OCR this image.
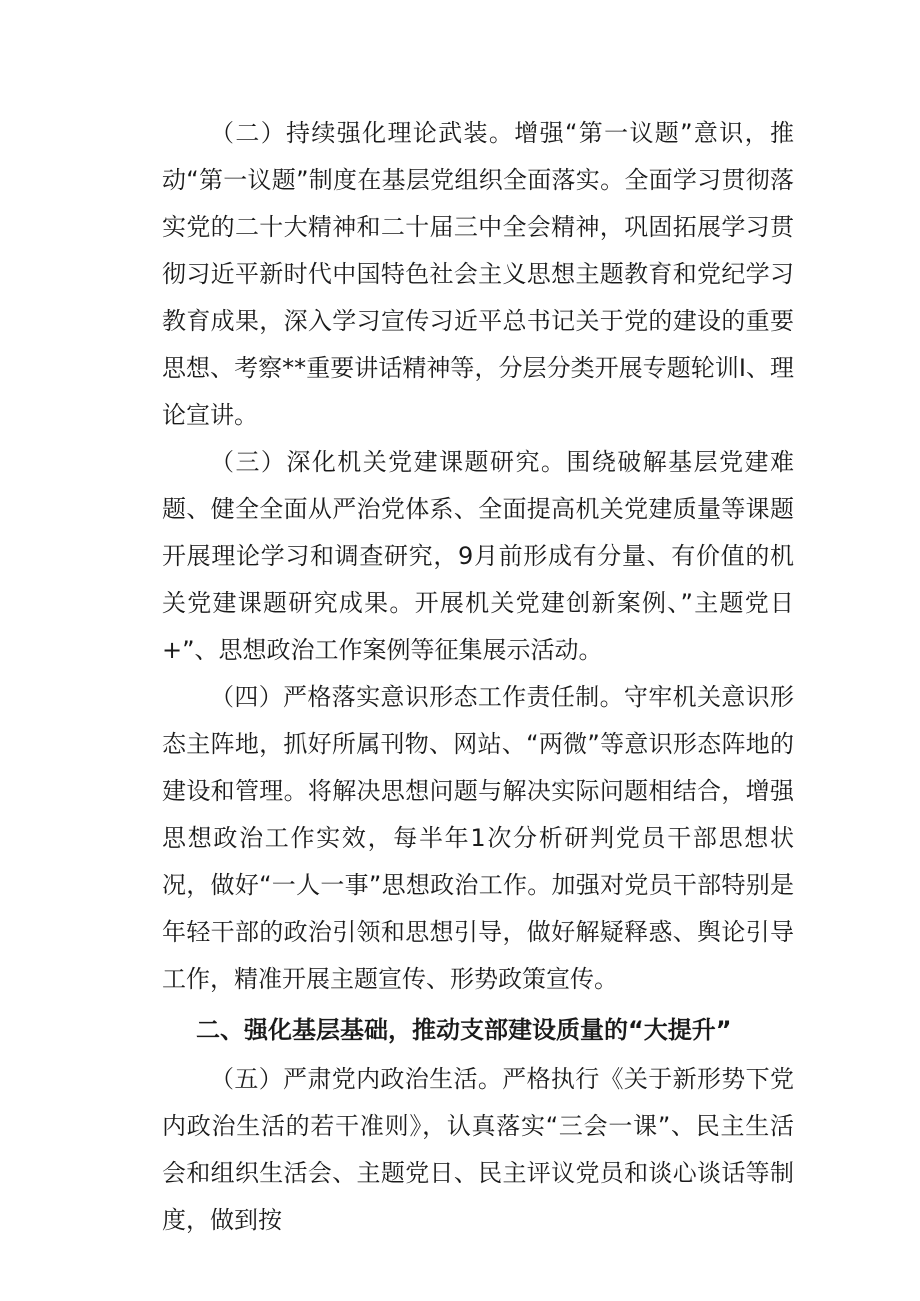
（二）持续强化理论武装。增强“第一议题”意识，推动“第一议题”制度在基层党组织全面落实。全面学习贯彻落实党的二十大精神和二十届三中全会精神，巩固拓展学习贯彻习近平新时代中国特色社会主义思想主题教育和党纪学习教育成果，深入学习宣传习近平总书记关于党的建设的重要思想、考察**重要讲话精神等，分层分类开展专题轮训I、理论宣讲。

（三）深化机关党建课题研究。围绕破解基层党建难题、健全全面从严治党体系、全面提高机关党建质量等课题开展理论学习和调查研究，9月前形成有分量、有价值的机关党建课题研究成果。开展机关党建创新案例、”主题党日+”、思想政治工作案例等征集展示活动。

（四）严格落实意识形态工作责任制。守牢机关意识形态主阵地，抓好所属刊物、网站、“两微”等意识形态阵地的建设和管理。将解决思想问题与解决实际问题相结合，增强思想政治工作实效，每半年1次分析研判党员干部思想状况，做好“一人一事”思想政治工作。加强对党员干部特别是年轻干部的政治引领和思想引导，做好解疑释惑、舆论引导工作，精准开展主题宣传、形势政策宣传。

二、强化基层基础，推动支部建设质量的“大提升”

（五）严肃党内政治生活。严格执行《关于新形势下党内政治生活的若干准则》，认真落实“三会一课”、民主生活会和组织生活会、主题党日、民主评议党员和谈心谈话等制度，做到按
